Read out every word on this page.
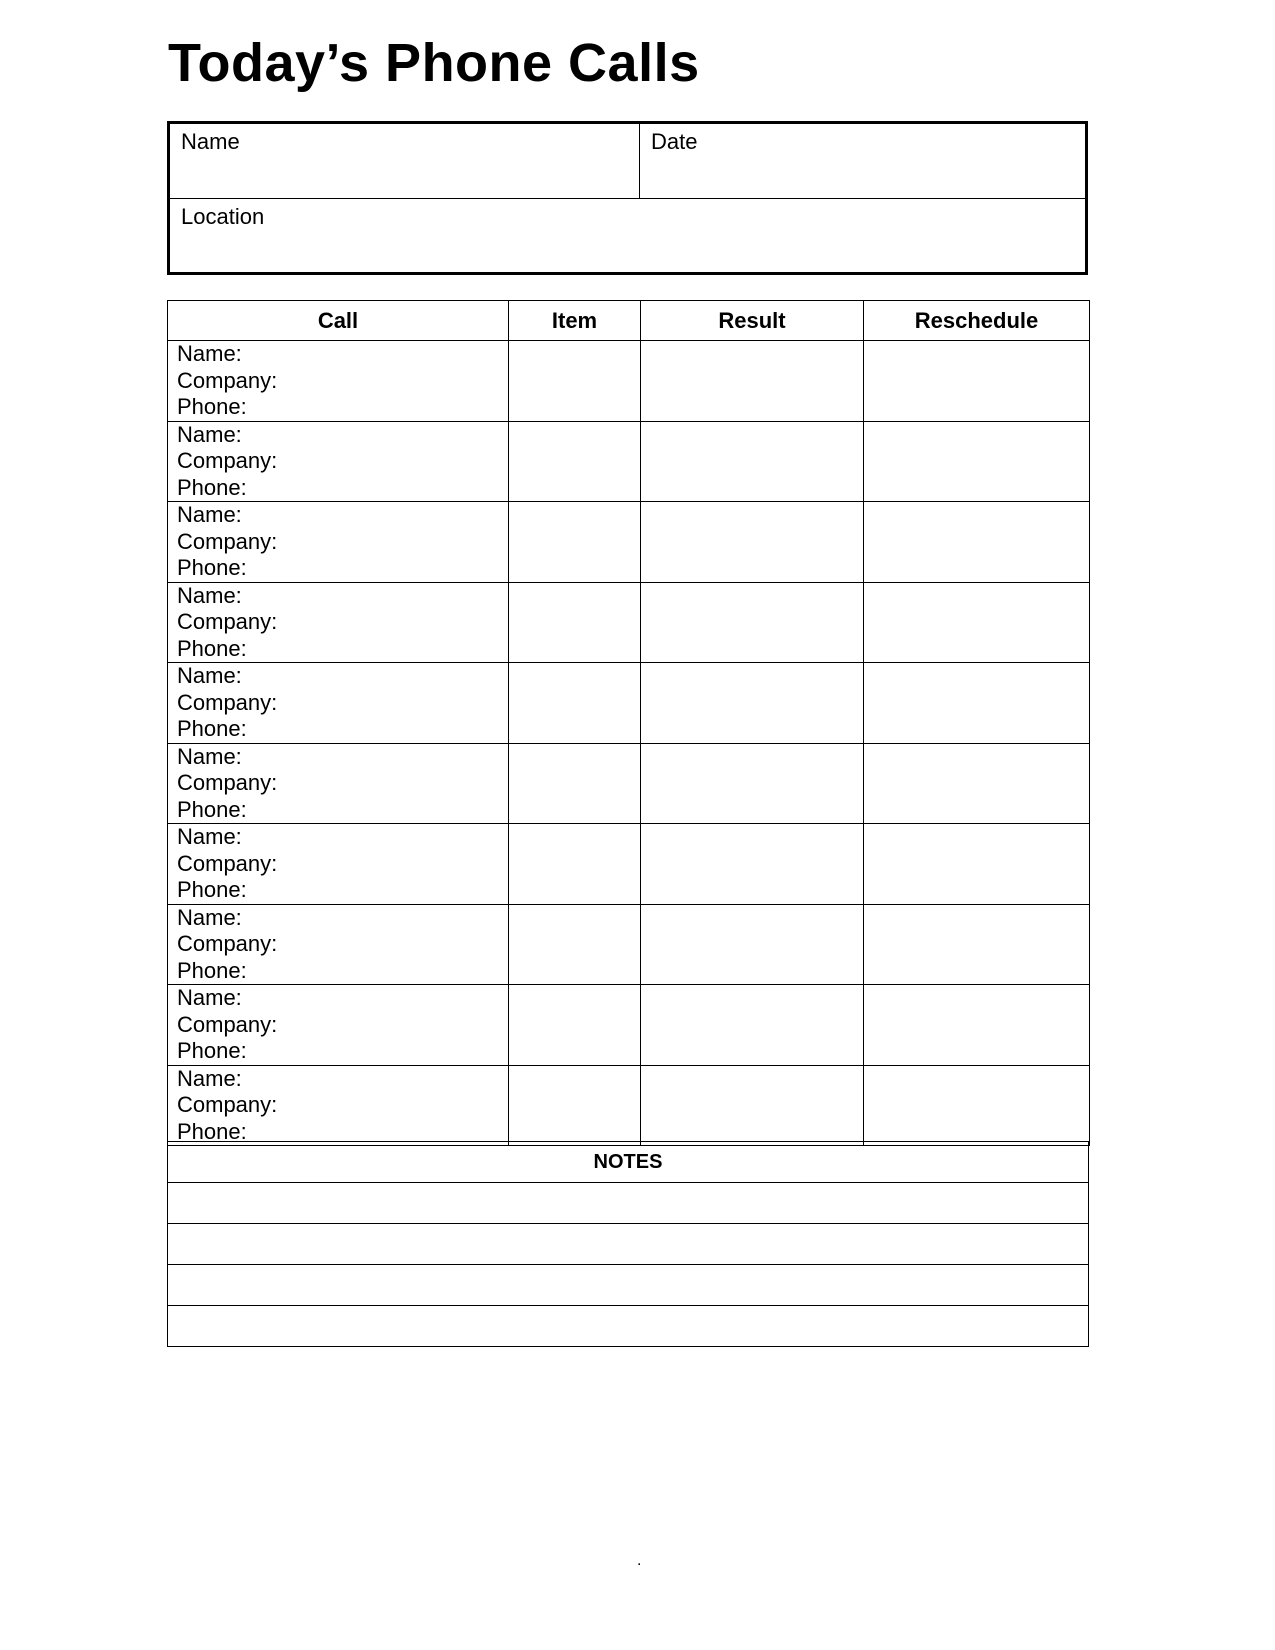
Today’s Phone Calls
Name	Date
Location
Call	Item	Result	Reschedule

Name:
Company:
Phone:			

Name:
Company:
Phone:			

Name:
Company:
Phone:			

Name:
Company:
Phone:			

Name:
Company:
Phone:			

Name:
Company:
Phone:			

Name:
Company:
Phone:			

Name:
Company:
Phone:			

Name:
Company:
Phone:			

Name:
Company:
Phone:			

NOTES

.
